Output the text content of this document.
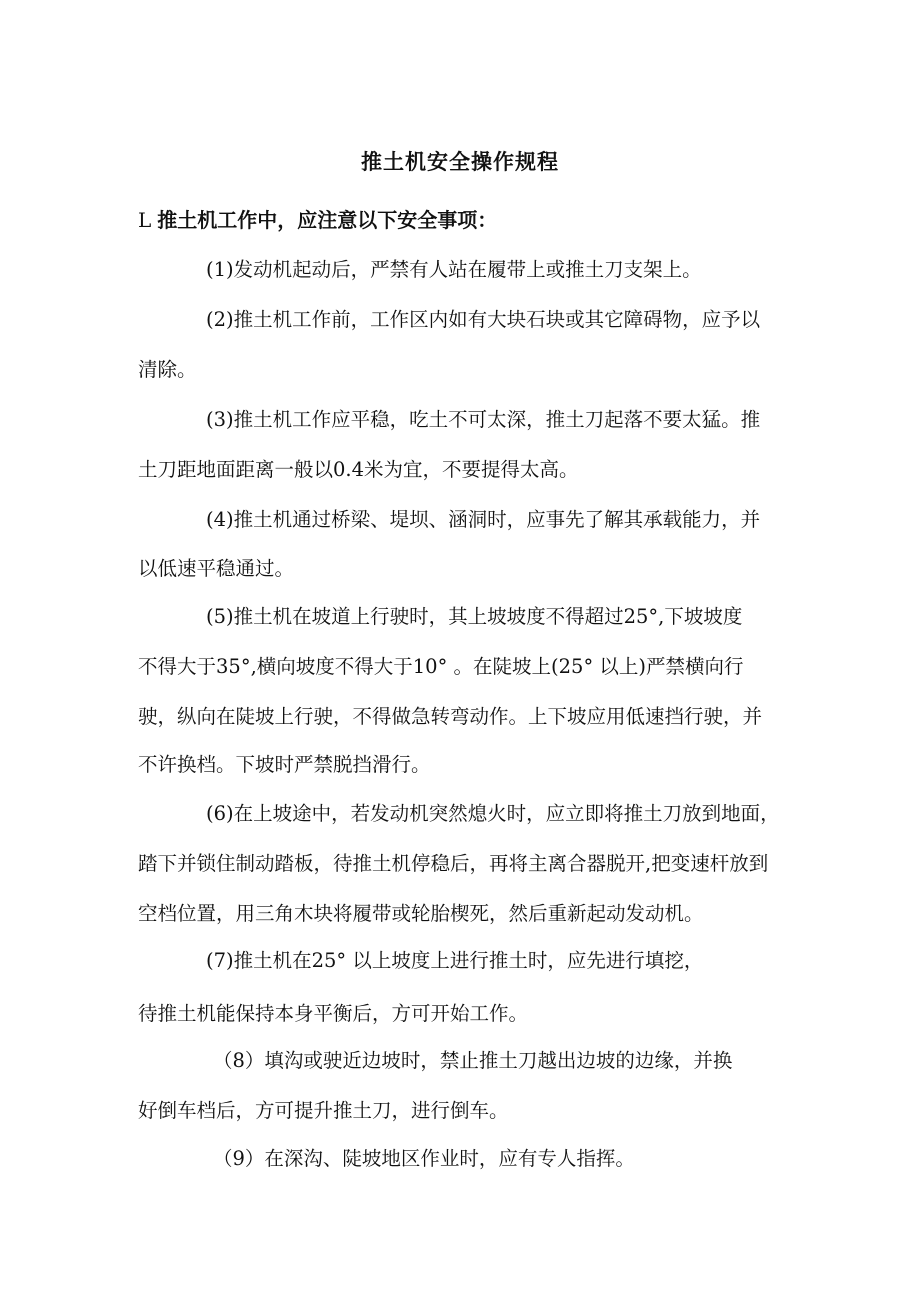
推土机安全操作规程
L 推土机工作中，应注意以下安全事项：
(1)发动机起动后，严禁有人站在履带上或推土刀支架上。
(2)推土机工作前，工作区内如有大块石块或其它障碍物，应予以
清除。
(3)推土机工作应平稳，吃土不可太深，推土刀起落不要太猛。推
土刀距地面距离一般以0.4米为宜，不要提得太高。
(4)推土机通过桥梁、堤坝、涵洞时，应事先了解其承载能力，并
以低速平稳通过。
(5)推土机在坡道上行驶时，其上坡坡度不得超过25°,下坡坡度
不得大于35°,横向坡度不得大于10° 。在陡坡上(25° 以上)严禁横向行
驶，纵向在陡坡上行驶，不得做急转弯动作。上下坡应用低速挡行驶，并
不许换档。下坡时严禁脱挡滑行。
(6)在上坡途中，若发动机突然熄火时，应立即将推土刀放到地面，
踏下并锁住制动踏板，待推土机停稳后，再将主离合器脱开,把变速杆放到
空档位置，用三角木块将履带或轮胎楔死，然后重新起动发动机。
(7)推土机在25° 以上坡度上进行推土时，应先进行填挖，
待推土机能保持本身平衡后，方可开始工作。
（8）填沟或驶近边坡时，禁止推土刀越出边坡的边缘，并换
好倒车档后，方可提升推土刀，进行倒车。
（9）在深沟、陡坡地区作业时，应有专人指挥。
